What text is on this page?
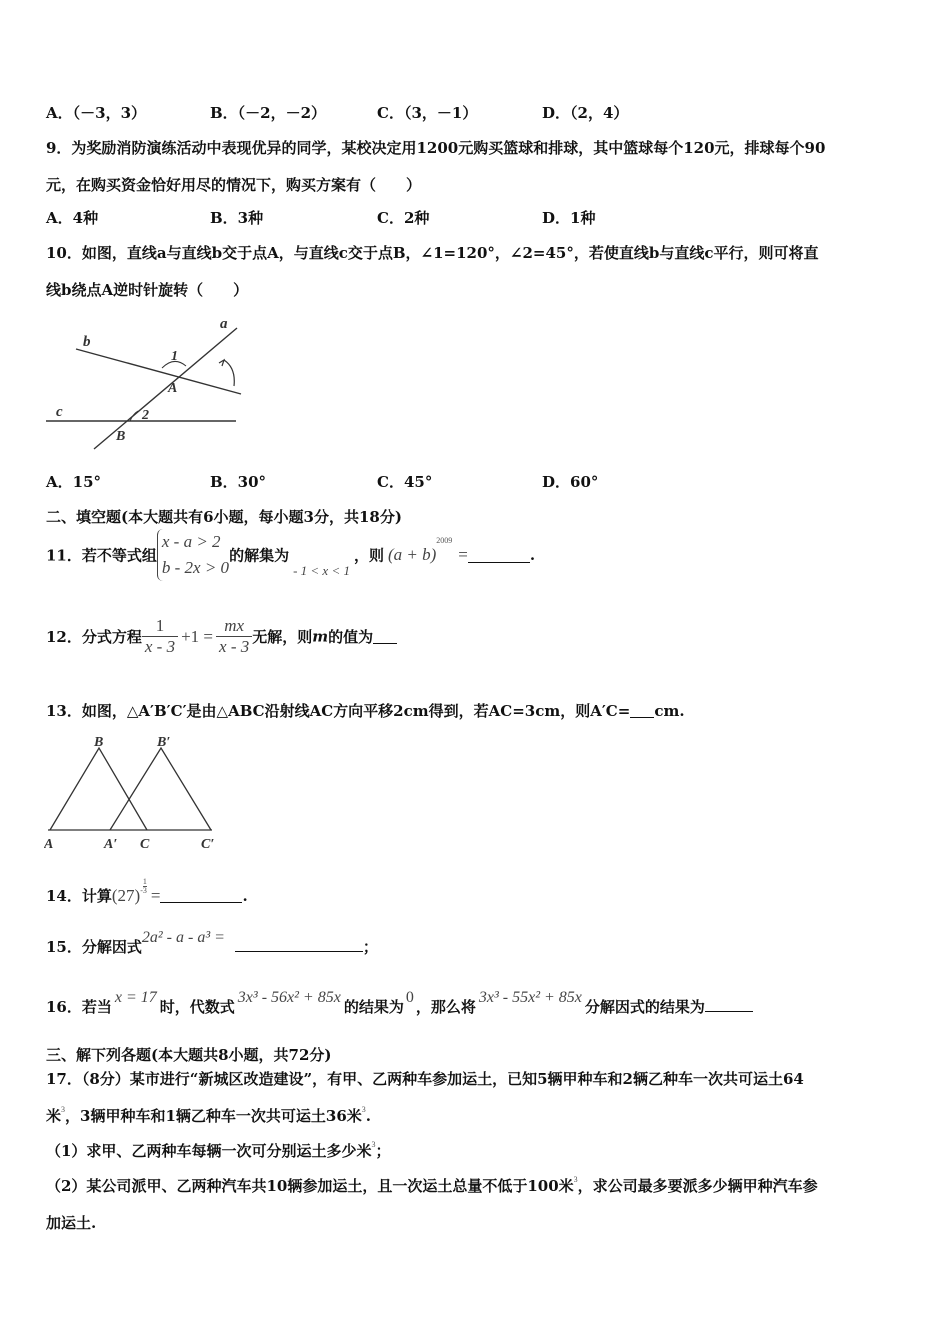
A．（－3，3）	B．（－2，－2）	C．（3，－1）	D．（2，4）
9．为奖励消防演练活动中表现优异的同学，某校决定用1200元购买篮球和排球，其中篮球每个120元，排球每个90
元，在购买资金恰好用尽的情况下，购买方案有（　　）
A．4种	B．3种	C．2种	D．1种
10．如图，直线a与直线b交于点A，与直线c交于点B，∠1=120°，∠2=45°，若使直线b与直线c平行，则可将直
线b绕点A逆时针旋转（　　）
a
b
c
A
B
1
2
A．15°	B．30°	C．45°	D．60°
二、填空题(本大题共有6小题，每小题3分，共18分)
11．若不等式组
x - a > 2
b - 2x > 0
的解集为- 1 < x < 1，则 $(a + b)^{2009}=$	.
12．分式方程 $\frac{1}{x - 3} +1 = \frac{mx}{x - 3}$ 无解，则m的值为
13．如图，△A′B′C′是由△ABC沿射线AC方向平移2cm得到，若AC=3cm，则A′C= cm.
B	B′
A	A′ C	C′
14．计算$(27)- \frac{1}{3}$ =	.
15．分解因式2a² - a - a³ =；
16．若当x = 17时，代数式3x³ - 56x² + 85x的结果为0，那么将3x³ - 55x² + 85x分解因式的结果为
三、解下列各题(本大题共8小题，共72分)
17．（8分）某市进行“新城区改造建设”，有甲、乙两种车参加运土，已知5辆甲种车和2辆乙种车一次共可运土64
米$^3$，3辆甲种车和1辆乙种车一次共可运土36米$^3$.
（1）求甲、乙两种车每辆一次可分别运土多少米$^3$；
（2）某公司派甲、乙两种汽车共10辆参加运土，且一次运土总量不低于100米$^3$，求公司最多要派多少辆甲种汽车参
加运土.
